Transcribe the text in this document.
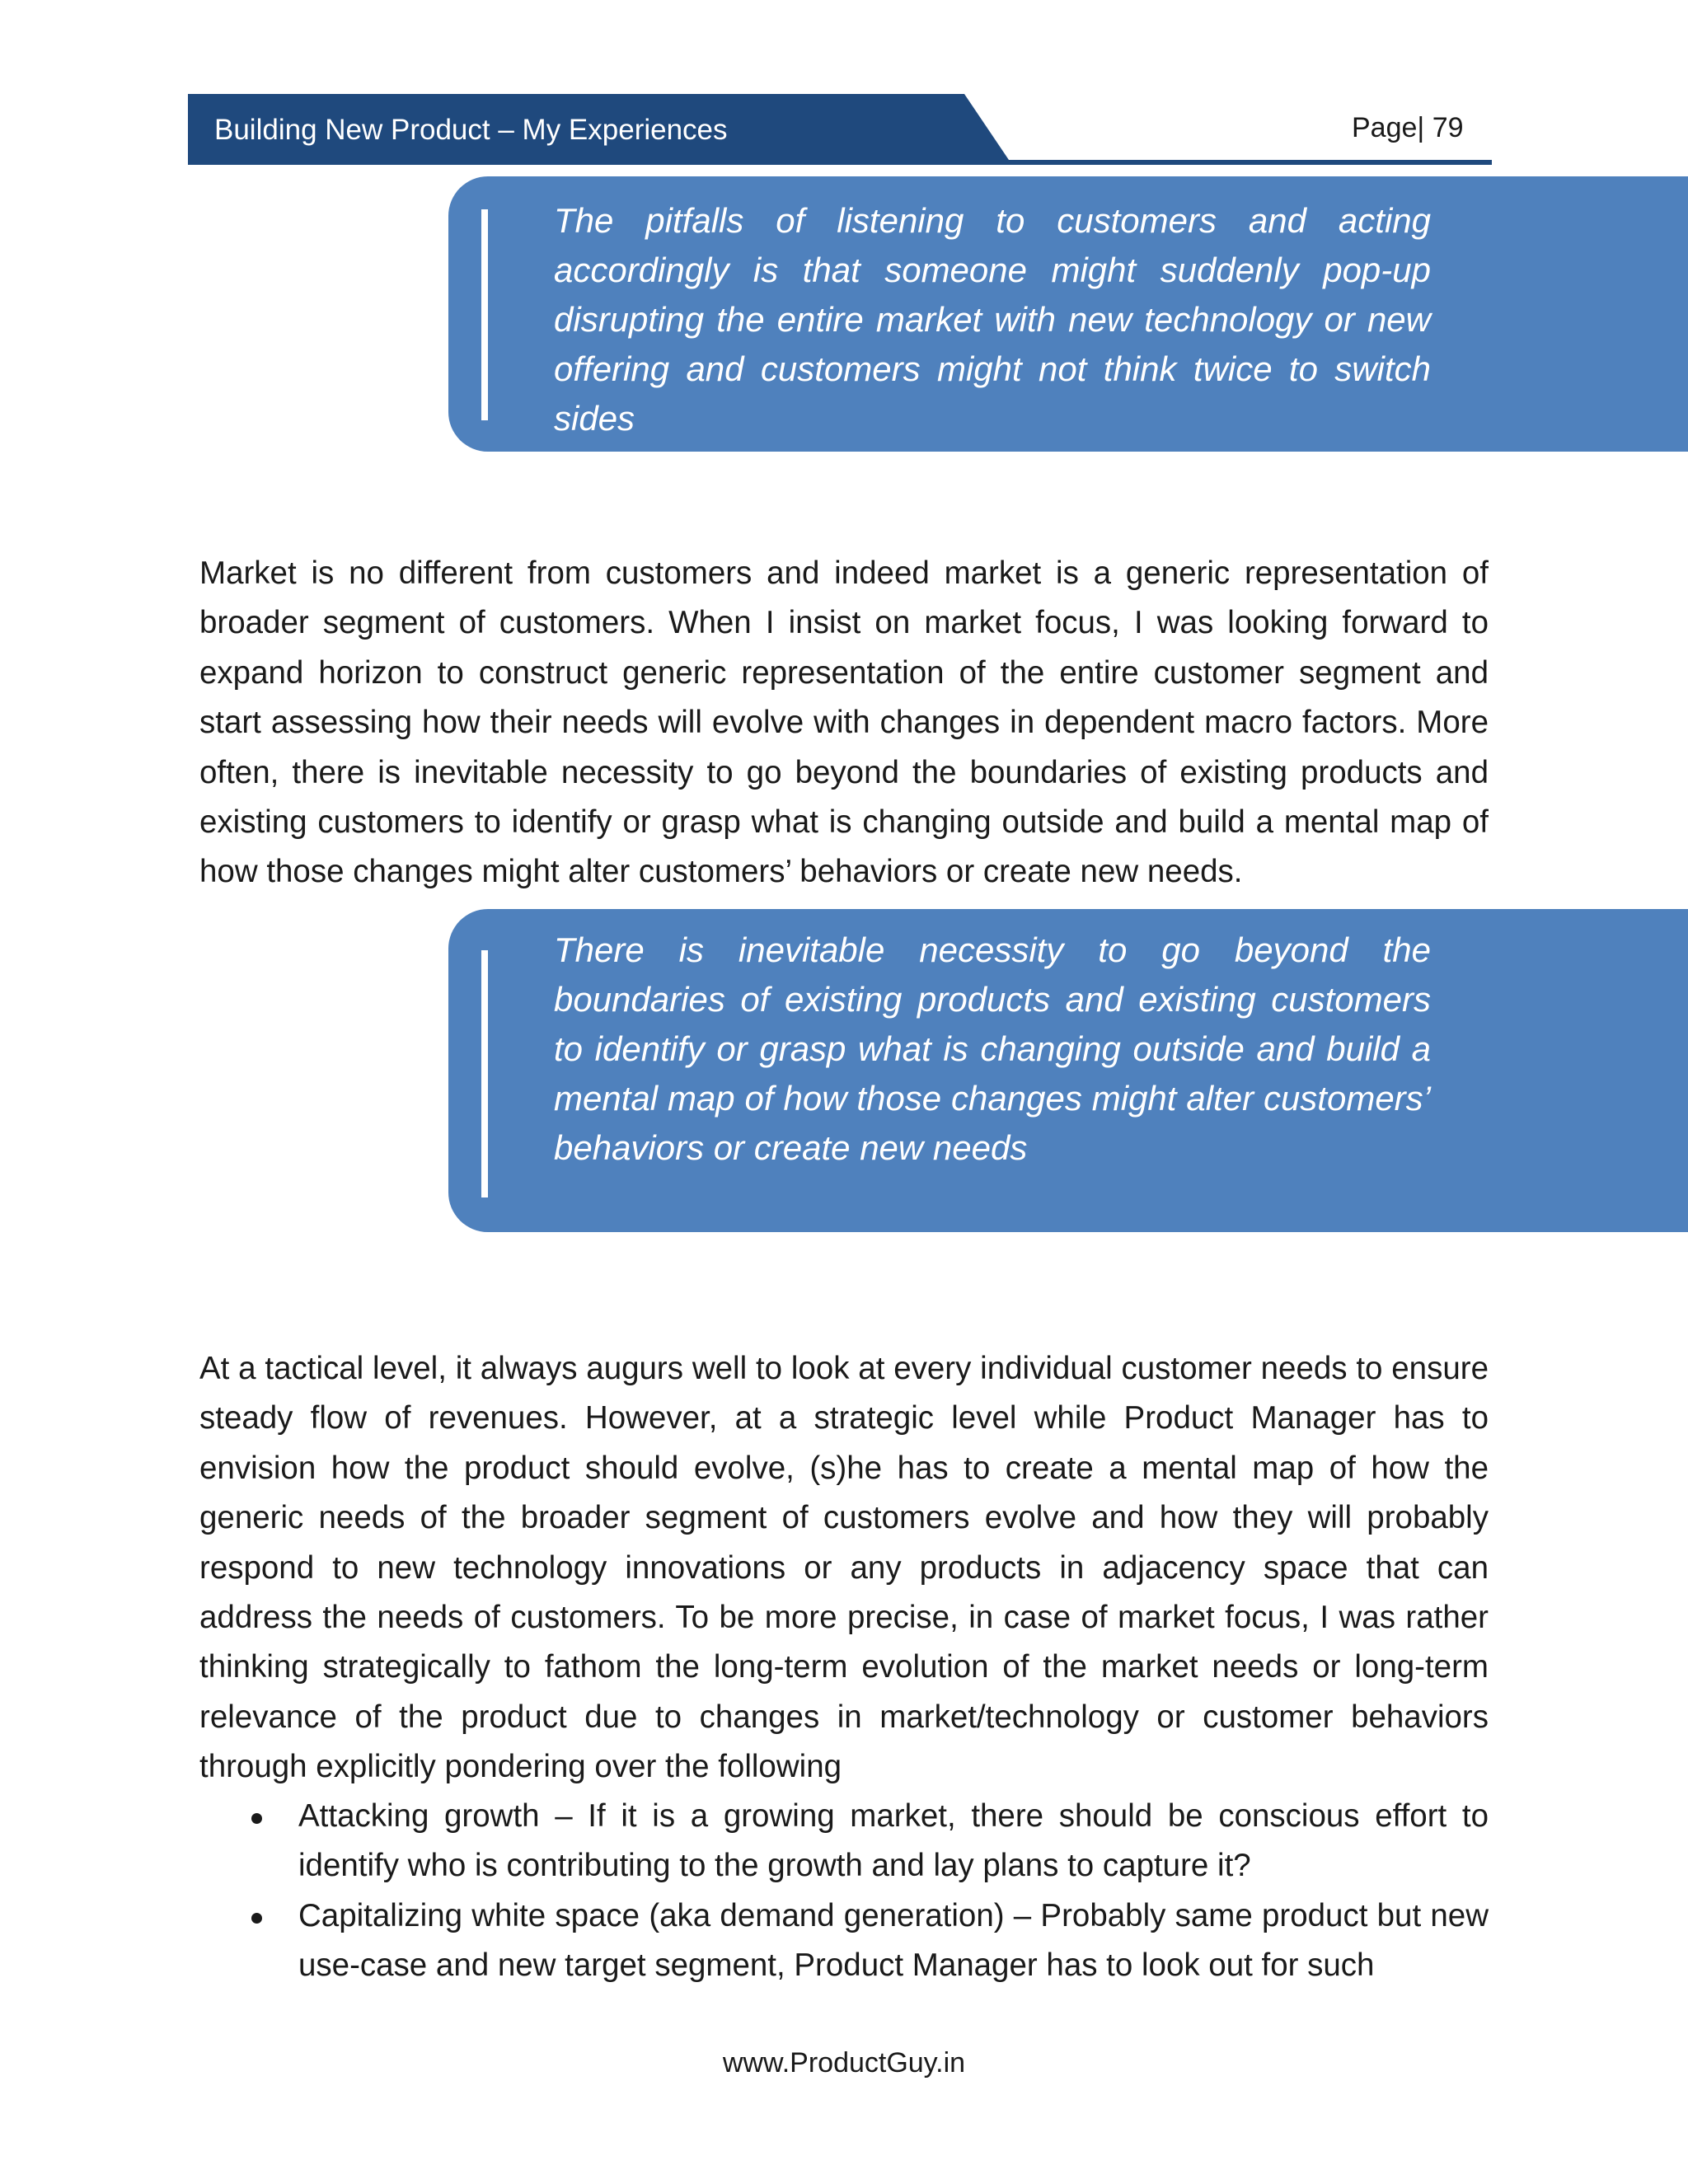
Building New Product – My Experiences	Page| 79

The pitfalls of listening to customers and acting accordingly is that someone might suddenly pop-up disrupting the entire market with new technology or new offering and customers might not think twice to switch sides

Market is no different from customers and indeed market is a generic representation of broader segment of customers. When I insist on market focus, I was looking forward to expand horizon to construct generic representation of the entire customer segment and start assessing how their needs will evolve with changes in dependent macro factors. More often, there is inevitable necessity to go beyond the boundaries of existing products and existing customers to identify or grasp what is changing outside and build a mental map of how those changes might alter customers’ behaviors or create new needs.

There is inevitable necessity to go beyond the boundaries of existing products and existing customers to identify or grasp what is changing outside and build a mental map of how those changes might alter customers’ behaviors or create new needs

At a tactical level, it always augurs well to look at every individual customer needs to ensure steady flow of revenues. However, at a strategic level while Product Manager has to envision how the product should evolve, (s)he has to create a mental map of how the generic needs of the broader segment of customers evolve and how they will probably respond to new technology innovations or any products in adjacency space that can address the needs of customers. To be more precise, in case of market focus, I was rather thinking strategically to fathom the long-term evolution of the market needs or long-term relevance of the product due to changes in market/technology or customer behaviors through explicitly pondering over the following

Attacking growth – If it is a growing market, there should be conscious effort to identify who is contributing to the growth and lay plans to capture it?
Capitalizing white space (aka demand generation) – Probably same product but new use-case and new target segment, Product Manager has to look out for such
www.ProductGuy.in
